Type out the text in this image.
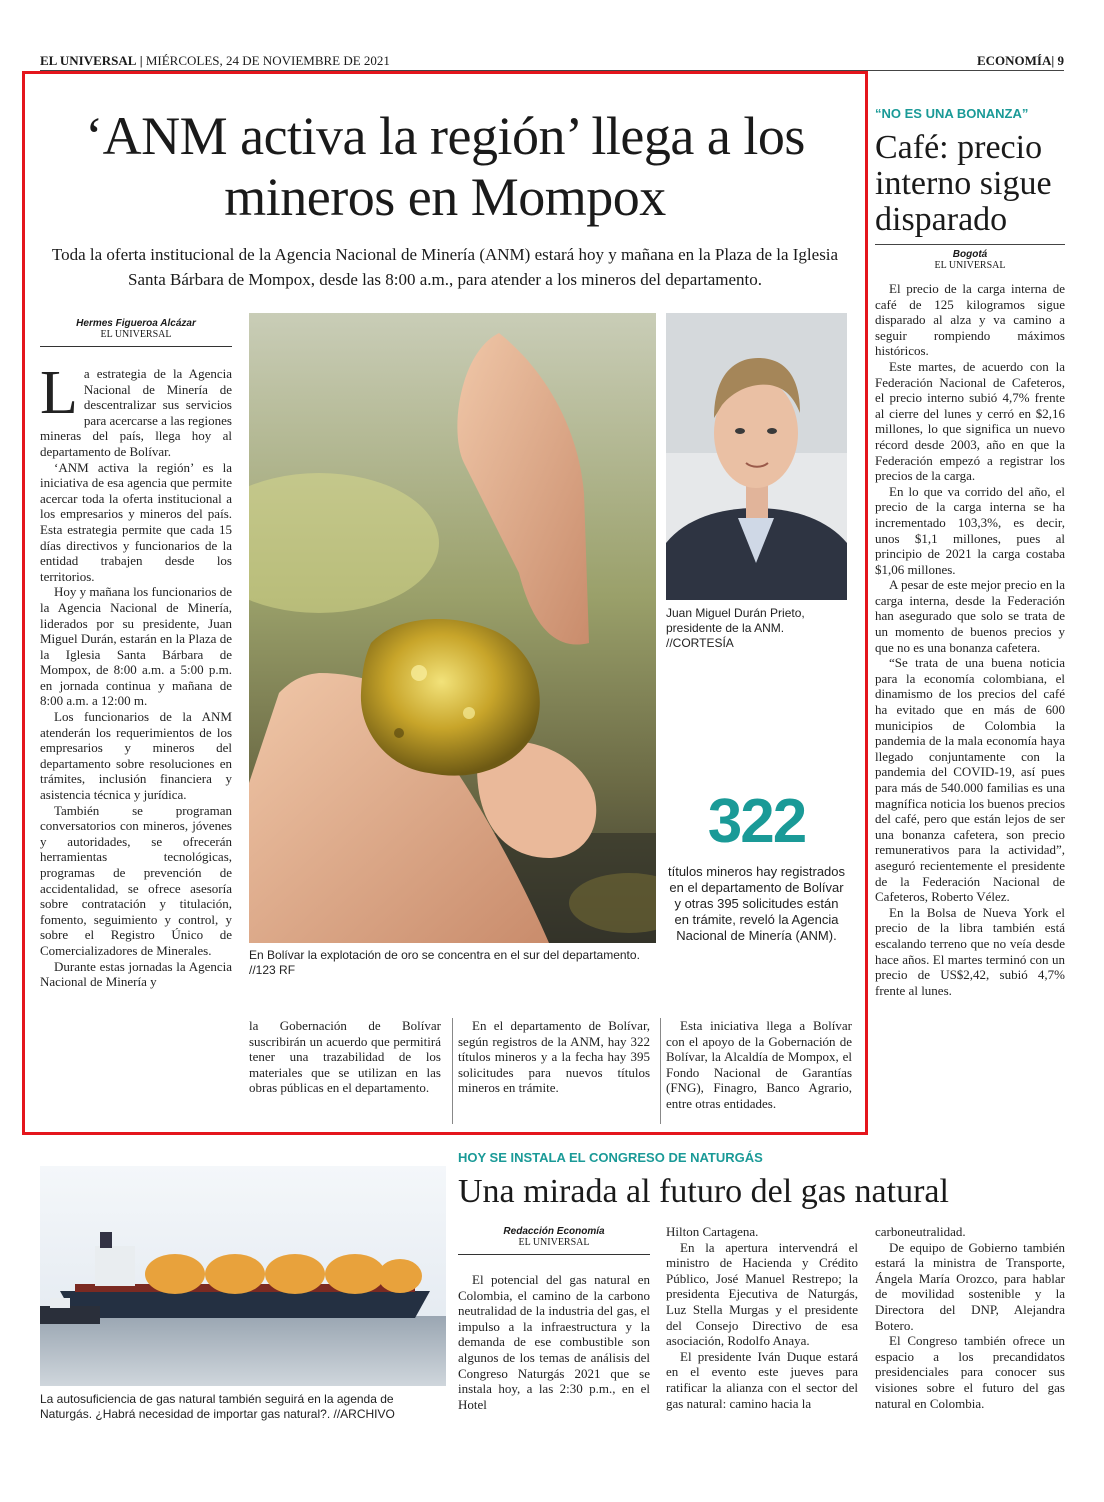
EL UNIVERSAL | MIÉRCOLES, 24 DE NOVIEMBRE DE 2021	ECONOMÍA| 9
‘ANM activa la región’ llega a los mineros en Mompox
Toda la oferta institucional de la Agencia Nacional de Minería (ANM) estará hoy y mañana en la Plaza de la Iglesia Santa Bárbara de Mompox, desde las 8:00 a.m., para atender a los mineros del departamento.
Hermes Figueroa Alcázar
EL UNIVERSAL

La estrategia de la Agencia Nacional de Minería de descentralizar sus servicios para acercarse a las regiones mineras del país, llega hoy al departamento de Bolívar.

‘ANM activa la región’ es la iniciativa de esa agencia que permite acercar toda la oferta institucional a los empresarios y mineros del país. Esta estrategia permite que cada 15 días directivos y funcionarios de la entidad trabajen desde los territorios.

Hoy y mañana los funcionarios de la Agencia Nacional de Minería, liderados por su presidente, Juan Miguel Durán, estarán en la Plaza de la Iglesia Santa Bárbara de Mompox, de 8:00 a.m. a 5:00 p.m. en jornada continua y mañana de 8:00 a.m. a 12:00 m.

Los funcionarios de la ANM atenderán los requerimientos de los empresarios y mineros del departamento sobre resoluciones en trámites, inclusión financiera y asistencia técnica y jurídica.

También se programan conversatorios con mineros, jóvenes y autoridades, se ofrecerán herramientas tecnológicas, programas de prevención de accidentalidad, se ofrece asesoría sobre contratación y titulación, fomento, seguimiento y control, y sobre el Registro Único de Comercializadores de Minerales.

Durante estas jornadas la Agencia Nacional de Minería y

En Bolívar la explotación de oro se concentra en el sur del departamento. //123 RF
Juan Miguel Durán Prieto, presidente de la ANM. //CORTESÍA
322
títulos mineros hay registrados en el departamento de Bolívar y otras 395 solicitudes están en trámite, reveló la Agencia Nacional de Minería (ANM).

la Gobernación de Bolívar suscribirán un acuerdo que permitirá tener una trazabilidad de los materiales que se utilizan en las obras públicas en el departamento.

En el departamento de Bolívar, según registros de la ANM, hay 322 títulos mineros y a la fecha hay 395 solicitudes para nuevos títulos mineros en trámite.

Esta iniciativa llega a Bolívar con el apoyo de la Gobernación de Bolívar, la Alcaldía de Mompox, el Fondo Nacional de Garantías (FNG), Finagro, Banco Agrario, entre otras entidades.

“NO ES UNA BONANZA”
Café: precio interno sigue disparado
Bogotá
EL UNIVERSAL

El precio de la carga interna de café de 125 kilogramos sigue disparado al alza y va camino a seguir rompiendo máximos históricos.

Este martes, de acuerdo con la Federación Nacional de Cafeteros, el precio interno subió 4,7% frente al cierre del lunes y cerró en $2,16 millones, lo que significa un nuevo récord desde 2003, año en que la Federación empezó a registrar los precios de la carga.

En lo que va corrido del año, el precio de la carga interna se ha incrementado 103,3%, es decir, unos $1,1 millones, pues al principio de 2021 la carga costaba $1,06 millones.

A pesar de este mejor precio en la carga interna, desde la Federación han asegurado que solo se trata de un momento de buenos precios y que no es una bonanza cafetera.

“Se trata de una buena noticia para la economía colombiana, el dinamismo de los precios del café ha evitado que en más de 600 municipios de Colombia la pandemia de la mala economía haya llegado conjuntamente con la pandemia del COVID-19, así pues para más de 540.000 familias es una magnífica noticia los buenos precios del café, pero que están lejos de ser una bonanza cafetera, son precio remunerativos para la actividad”, aseguró recientemente el presidente de la Federación Nacional de Cafeteros, Roberto Vélez.

En la Bolsa de Nueva York el precio de la libra también está escalando terreno que no veía desde hace años. El martes terminó con un precio de US$2,42, subió 4,7% frente al lunes.

La autosuficiencia de gas natural también seguirá en la agenda de Naturgás. ¿Habrá necesidad de importar gas natural?. //ARCHIVO
HOY SE INSTALA EL CONGRESO DE NATURGÁS
Una mirada al futuro del gas natural
Redacción Economía
EL UNIVERSAL

El potencial del gas natural en Colombia, el camino de la carbono neutralidad de la industria del gas, el impulso a la infraestructura y la demanda de ese combustible son algunos de los temas de análisis del Congreso Naturgás 2021 que se instala hoy, a las 2:30 p.m., en el Hotel

Hilton Cartagena.

En la apertura intervendrá el ministro de Hacienda y Crédito Público, José Manuel Restrepo; la presidenta Ejecutiva de Naturgás, Luz Stella Murgas y el presidente del Consejo Directivo de esa asociación, Rodolfo Anaya.

El presidente Iván Duque estará en el evento este jueves para ratificar la alianza con el sector del gas natural: camino hacia la

carboneutralidad.

De equipo de Gobierno también estará la ministra de Transporte, Ángela María Orozco, para hablar de movilidad sostenible y la Directora del DNP, Alejandra Botero.

El Congreso también ofrece un espacio a los precandidatos presidenciales para conocer sus visiones sobre el futuro del gas natural en Colombia.
